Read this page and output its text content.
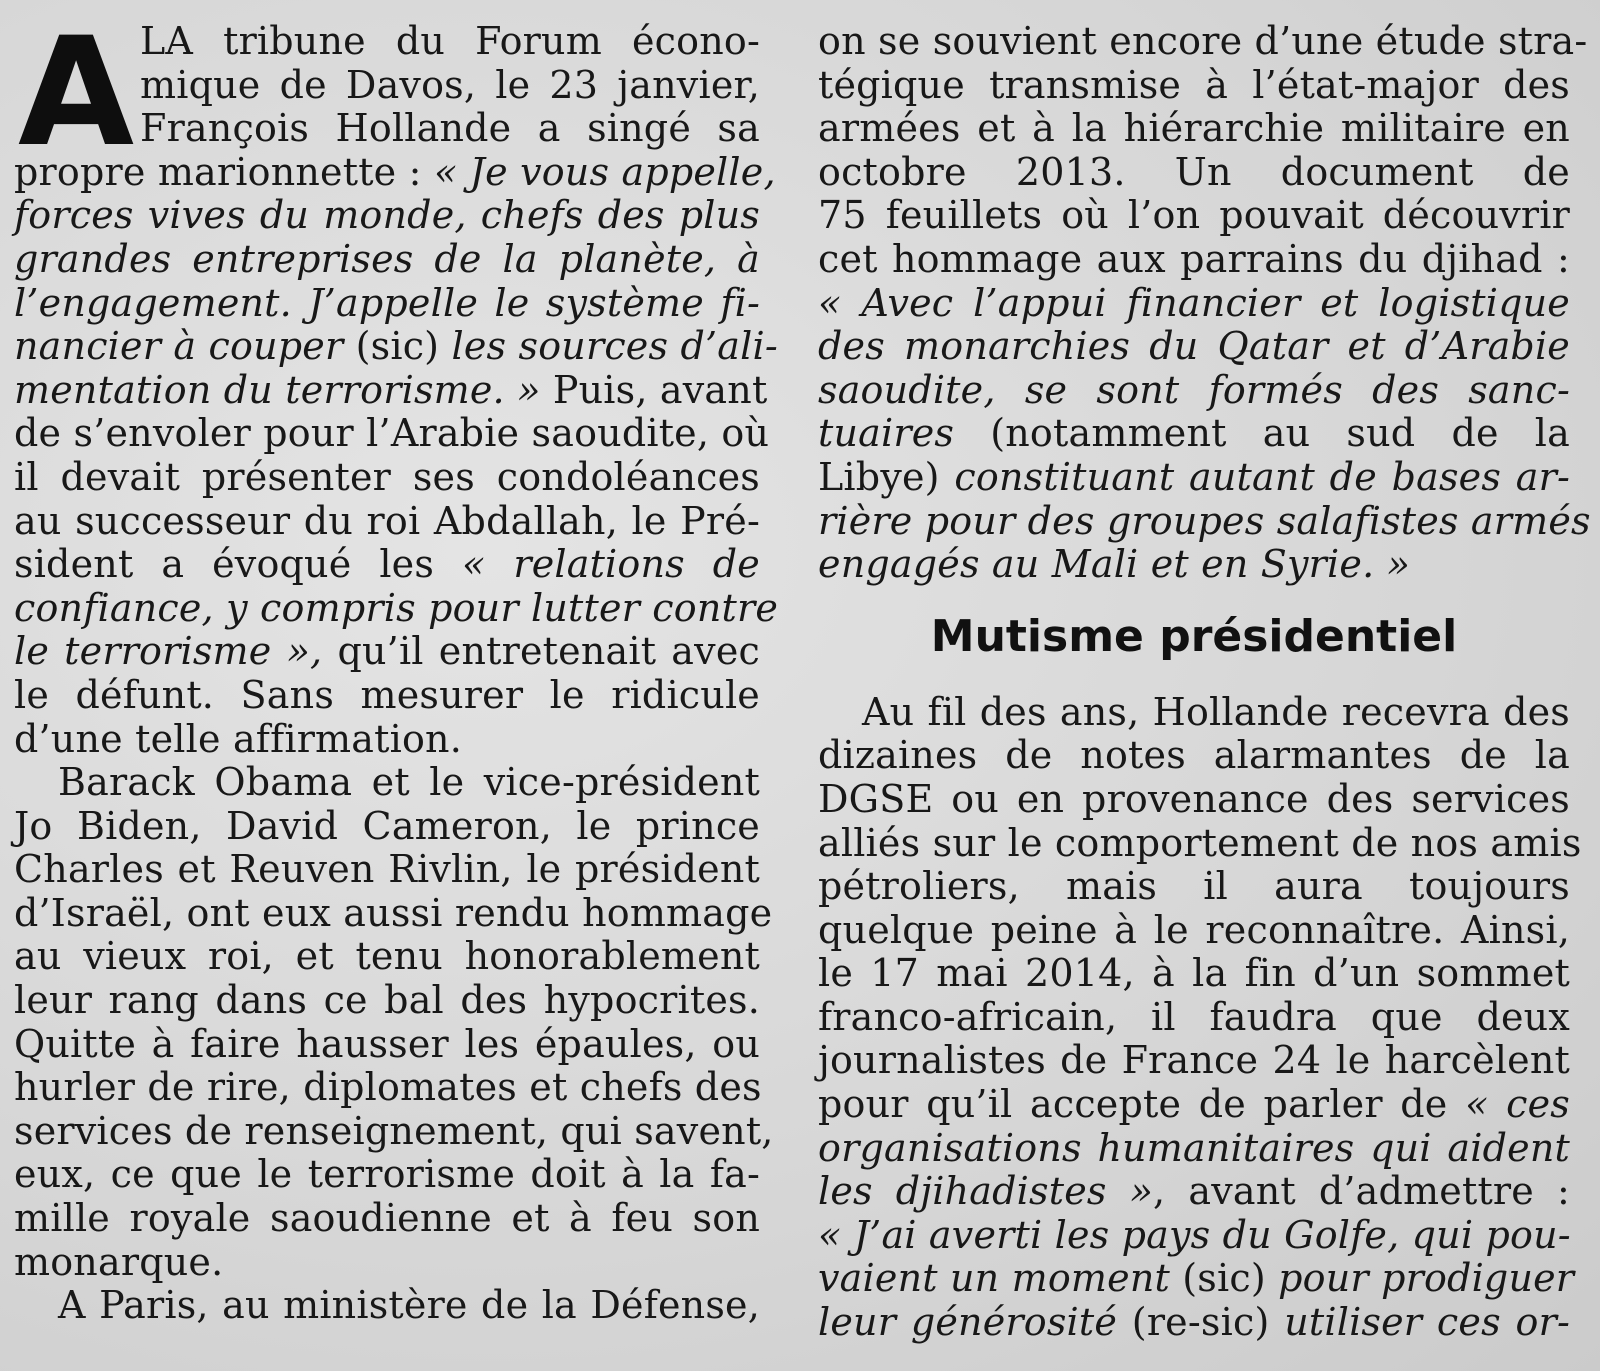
A LA tribune du Forum écono-
mique de Davos, le 23 janvier,
François Hollande a singé sa
propre marionnette : « Je vous appelle,
forces vives du monde, chefs des plus
grandes entreprises de la planète, à
l’engagement. J’appelle le système fi-
nancier à couper (sic) les sources d’ali-
mentation du terrorisme. » Puis, avant
de s’envoler pour l’Arabie saoudite, où
il devait présenter ses condoléances
au successeur du roi Abdallah, le Pré-
sident a évoqué les « relations de
confiance, y compris pour lutter contre
le terrorisme », qu’il entretenait avec
le défunt. Sans mesurer le ridicule
d’une telle affirmation.
Barack Obama et le vice-président
Jo Biden, David Cameron, le prince
Charles et Reuven Rivlin, le président
d’Israël, ont eux aussi rendu hommage
au vieux roi, et tenu honorablement
leur rang dans ce bal des hypocrites.
Quitte à faire hausser les épaules, ou
hurler de rire, diplomates et chefs des
services de renseignement, qui savent,
eux, ce que le terrorisme doit à la fa-
mille royale saoudienne et à feu son
monarque.
A Paris, au ministère de la Défense,
on se souvient encore d’une étude stra-
tégique transmise à l’état-major des
armées et à la hiérarchie militaire en
octobre 2013. Un document de
75 feuillets où l’on pouvait découvrir
cet hommage aux parrains du djihad :
« Avec l’appui financier et logistique
des monarchies du Qatar et d’Arabie
saoudite, se sont formés des sanc-
tuaires (notamment au sud de la
Libye) constituant autant de bases ar-
rière pour des groupes salafistes armés
engagés au Mali et en Syrie. »
Mutisme présidentiel
Au fil des ans, Hollande recevra des
dizaines de notes alarmantes de la
DGSE ou en provenance des services
alliés sur le comportement de nos amis
pétroliers, mais il aura toujours
quelque peine à le reconnaître. Ainsi,
le 17 mai 2014, à la fin d’un sommet
franco-africain, il faudra que deux
journalistes de France 24 le harcèlent
pour qu’il accepte de parler de « ces
organisations humanitaires qui aident
les djihadistes », avant d’admettre :
« J’ai averti les pays du Golfe, qui pou-
vaient un moment (sic) pour prodiguer
leur générosité (re-sic) utiliser ces or-
